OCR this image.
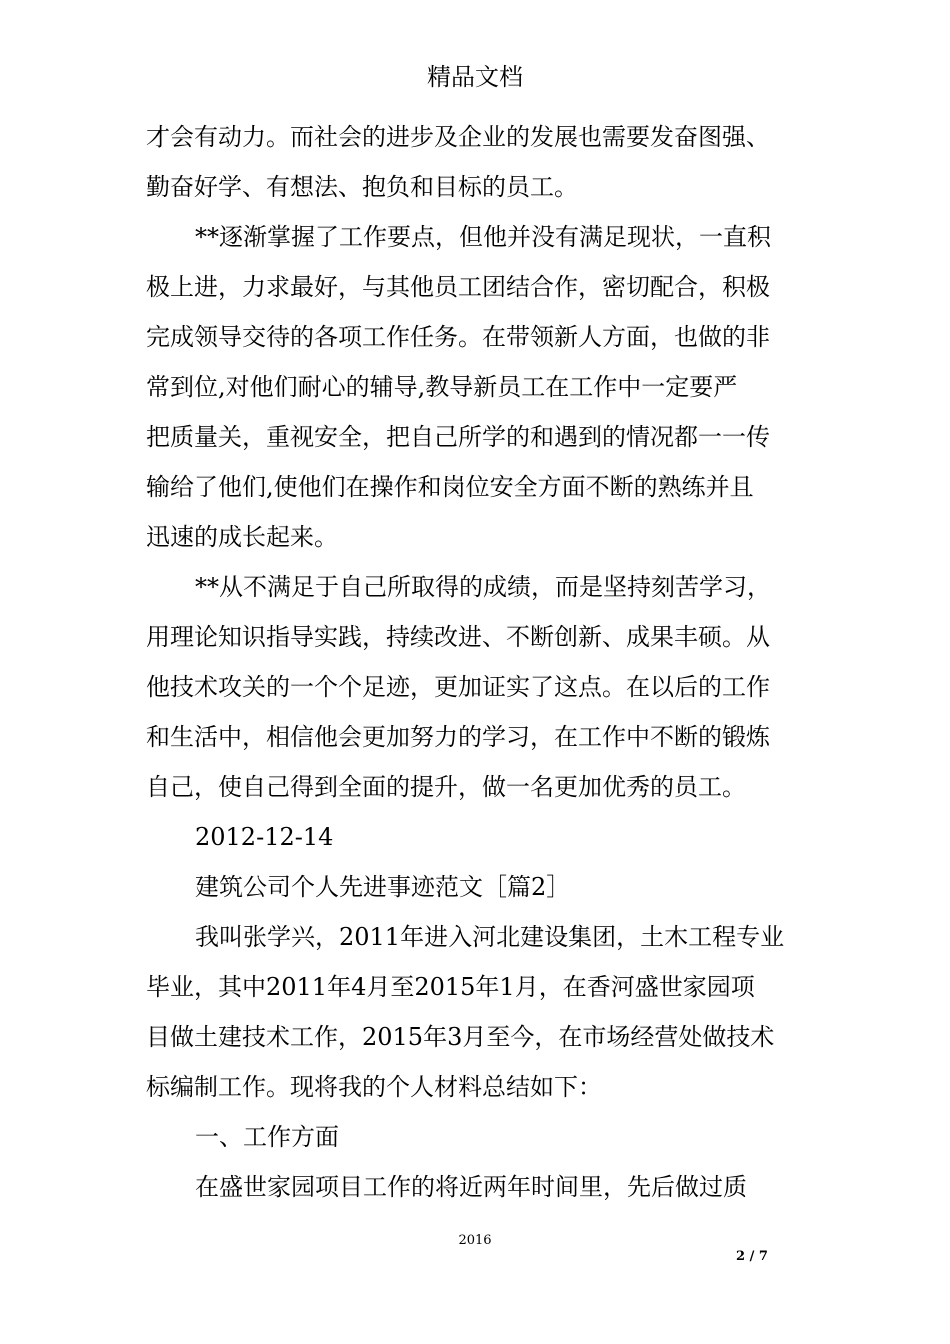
精品文档
才会有动力。而社会的进步及企业的发展也需要发奋图强、
勤奋好学、有想法、抱负和目标的员工。
**逐渐掌握了工作要点，但他并没有满足现状，一直积
极上进，力求最好，与其他员工团结合作，密切配合，积极
完成领导交待的各项工作任务。在带领新人方面，也做的非
常到位,对他们耐心的辅导,教导新员工在工作中一定要严
把质量关，重视安全，把自己所学的和遇到的情况都一一传
输给了他们,使他们在操作和岗位安全方面不断的熟练并且
迅速的成长起来。
**从不满足于自己所取得的成绩，而是坚持刻苦学习，
用理论知识指导实践，持续改进、不断创新、成果丰硕。从
他技术攻关的一个个足迹，更加证实了这点。在以后的工作
和生活中，相信他会更加努力的学习，在工作中不断的锻炼
自己，使自己得到全面的提升，做一名更加优秀的员工。
2012-12-14
建筑公司个人先进事迹范文［篇2］
我叫张学兴，2011年进入河北建设集团，土木工程专业
毕业，其中2011年4月至2015年1月，在香河盛世家园项
目做土建技术工作，2015年3月至今，在市场经营处做技术
标编制工作。现将我的个人材料总结如下：
一、工作方面
在盛世家园项目工作的将近两年时间里，先后做过质
2016
2 / 7
